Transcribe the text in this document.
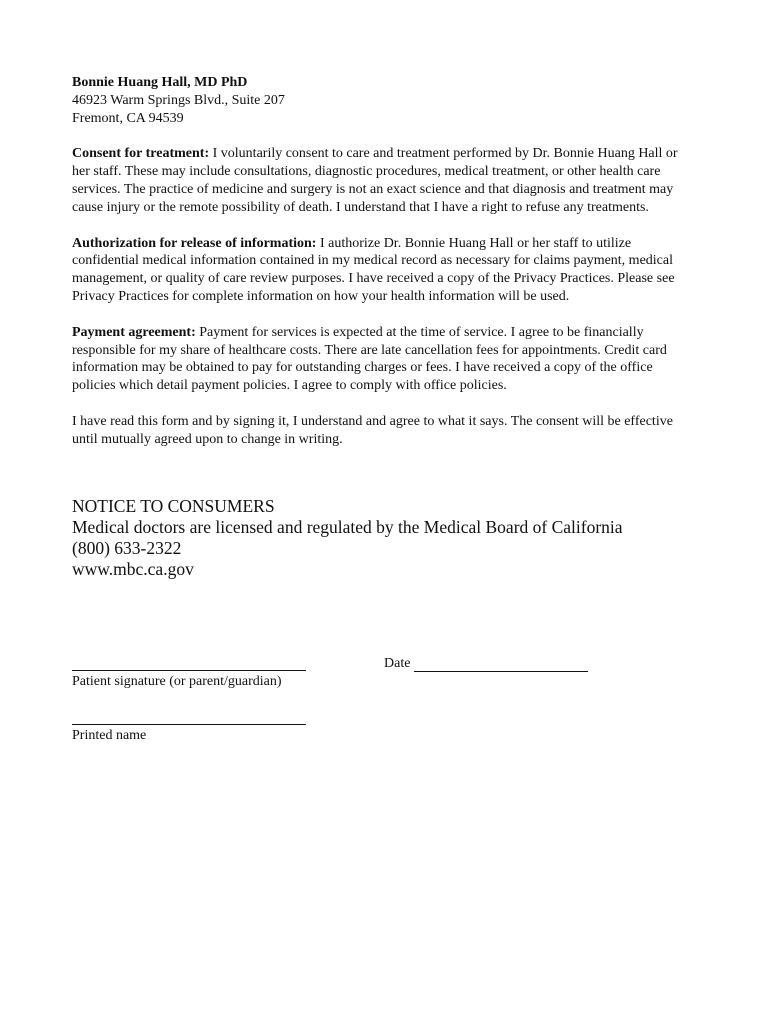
Bonnie Huang Hall, MD PhD

46923 Warm Springs Blvd., Suite 207

Fremont, CA 94539

Consent for treatment: I voluntarily consent to care and treatment performed by Dr. Bonnie Huang Hall or her staff. These may include consultations, diagnostic procedures, medical treatment, or other health care services. The practice of medicine and surgery is not an exact science and that diagnosis and treatment may cause injury or the remote possibility of death. I understand that I have a right to refuse any treatments.

Authorization for release of information: I authorize Dr. Bonnie Huang Hall or her staff to utilize confidential medical information contained in my medical record as necessary for claims payment, medical management, or quality of care review purposes. I have received a copy of the Privacy Practices. Please see Privacy Practices for complete information on how your health information will be used.

Payment agreement: Payment for services is expected at the time of service. I agree to be financially responsible for my share of healthcare costs. There are late cancellation fees for appointments. Credit card information may be obtained to pay for outstanding charges or fees. I have received a copy of the office policies which detail payment policies. I agree to comply with office policies.

I have read this form and by signing it, I understand and agree to what it says. The consent will be effective until mutually agreed upon to change in writing.

NOTICE TO CONSUMERS

Medical doctors are licensed and regulated by the Medical Board of California

(800) 633-2322

www.mbc.ca.gov

Patient signature (or parent/guardian)
Date
Printed name
